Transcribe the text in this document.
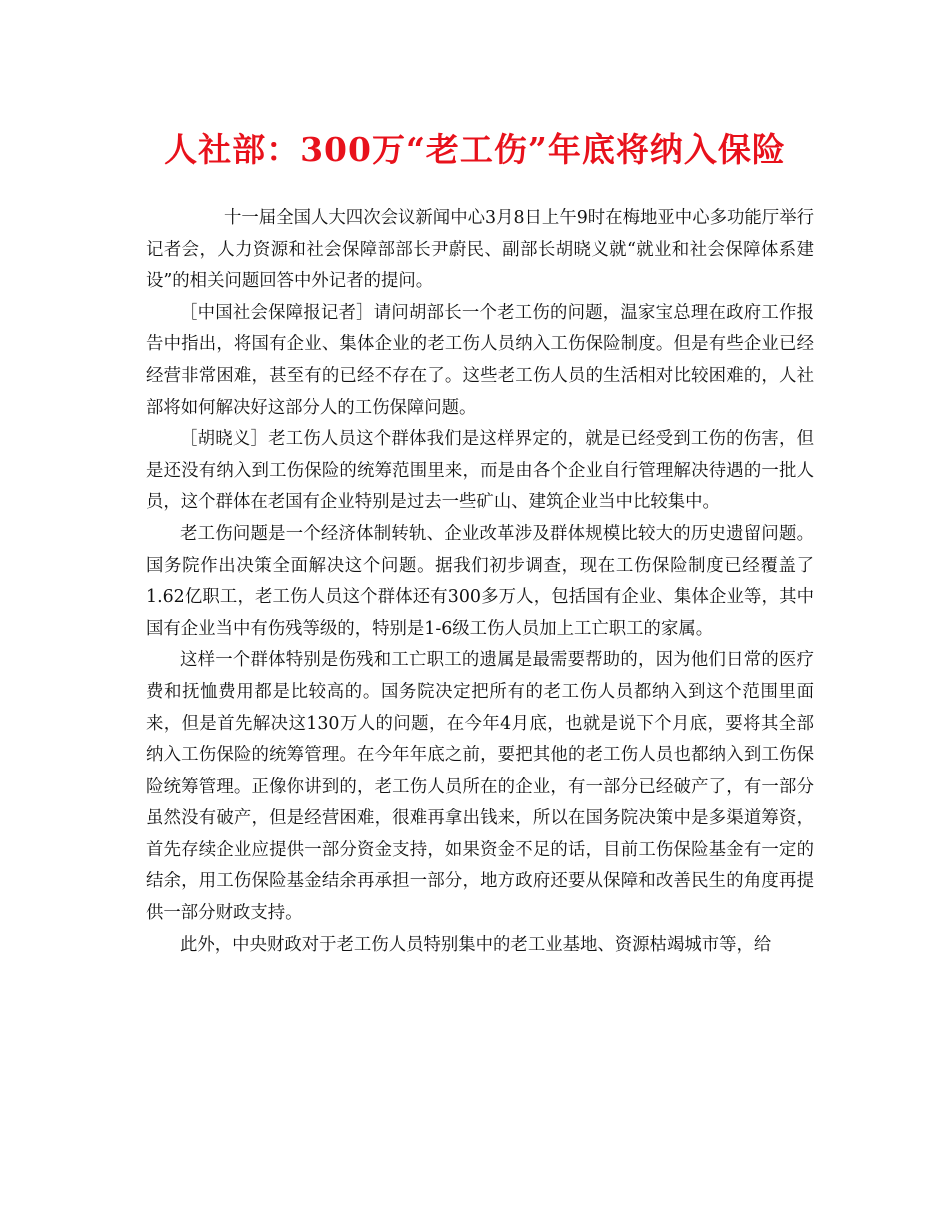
人社部：300万“老工伤”年底将纳入保险

十一届全国人大四次会议新闻中心3月8日上午9时在梅地亚中心多功能厅举行记者会，人力资源和社会保障部部长尹蔚民、副部长胡晓义就“就业和社会保障体系建设”的相关问题回答中外记者的提问。

［中国社会保障报记者］请问胡部长一个老工伤的问题，温家宝总理在政府工作报告中指出，将国有企业、集体企业的老工伤人员纳入工伤保险制度。但是有些企业已经经营非常困难，甚至有的已经不存在了。这些老工伤人员的生活相对比较困难的，人社部将如何解决好这部分人的工伤保障问题。

［胡晓义］老工伤人员这个群体我们是这样界定的，就是已经受到工伤的伤害，但是还没有纳入到工伤保险的统筹范围里来，而是由各个企业自行管理解决待遇的一批人员，这个群体在老国有企业特别是过去一些矿山、建筑企业当中比较集中。

老工伤问题是一个经济体制转轨、企业改革涉及群体规模比较大的历史遗留问题。国务院作出决策全面解决这个问题。据我们初步调查，现在工伤保险制度已经覆盖了1.62亿职工，老工伤人员这个群体还有300多万人，包括国有企业、集体企业等，其中国有企业当中有伤残等级的，特别是1-6级工伤人员加上工亡职工的家属。

这样一个群体特别是伤残和工亡职工的遗属是最需要帮助的，因为他们日常的医疗费和抚恤费用都是比较高的。国务院决定把所有的老工伤人员都纳入到这个范围里面来，但是首先解决这130万人的问题，在今年4月底，也就是说下个月底，要将其全部纳入工伤保险的统筹管理。在今年年底之前，要把其他的老工伤人员也都纳入到工伤保险统筹管理。正像你讲到的，老工伤人员所在的企业，有一部分已经破产了，有一部分虽然没有破产，但是经营困难，很难再拿出钱来，所以在国务院决策中是多渠道筹资，首先存续企业应提供一部分资金支持，如果资金不足的话，目前工伤保险基金有一定的结余，用工伤保险基金结余再承担一部分，地方政府还要从保障和改善民生的角度再提供一部分财政支持。

此外，中央财政对于老工伤人员特别集中的老工业基地、资源枯竭城市等，给
